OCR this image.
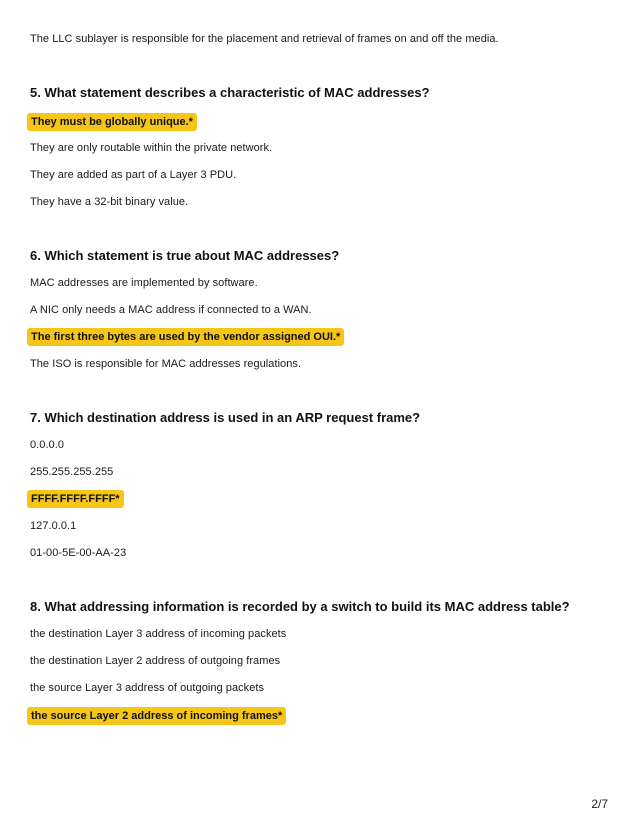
The LLC sublayer is responsible for the placement and retrieval of frames on and off the media.
5. What statement describes a characteristic of MAC addresses?
They must be globally unique.*
They are only routable within the private network.
They are added as part of a Layer 3 PDU.
They have a 32-bit binary value.
6. Which statement is true about MAC addresses?
MAC addresses are implemented by software.
A NIC only needs a MAC address if connected to a WAN.
The first three bytes are used by the vendor assigned OUI.*
The ISO is responsible for MAC addresses regulations.
7. Which destination address is used in an ARP request frame?
0.0.0.0
255.255.255.255
FFFF.FFFF.FFFF*
127.0.0.1
01-00-5E-00-AA-23
8. What addressing information is recorded by a switch to build its MAC address table?
the destination Layer 3 address of incoming packets
the destination Layer 2 address of outgoing frames
the source Layer 3 address of outgoing packets
the source Layer 2 address of incoming frames*
2/7
